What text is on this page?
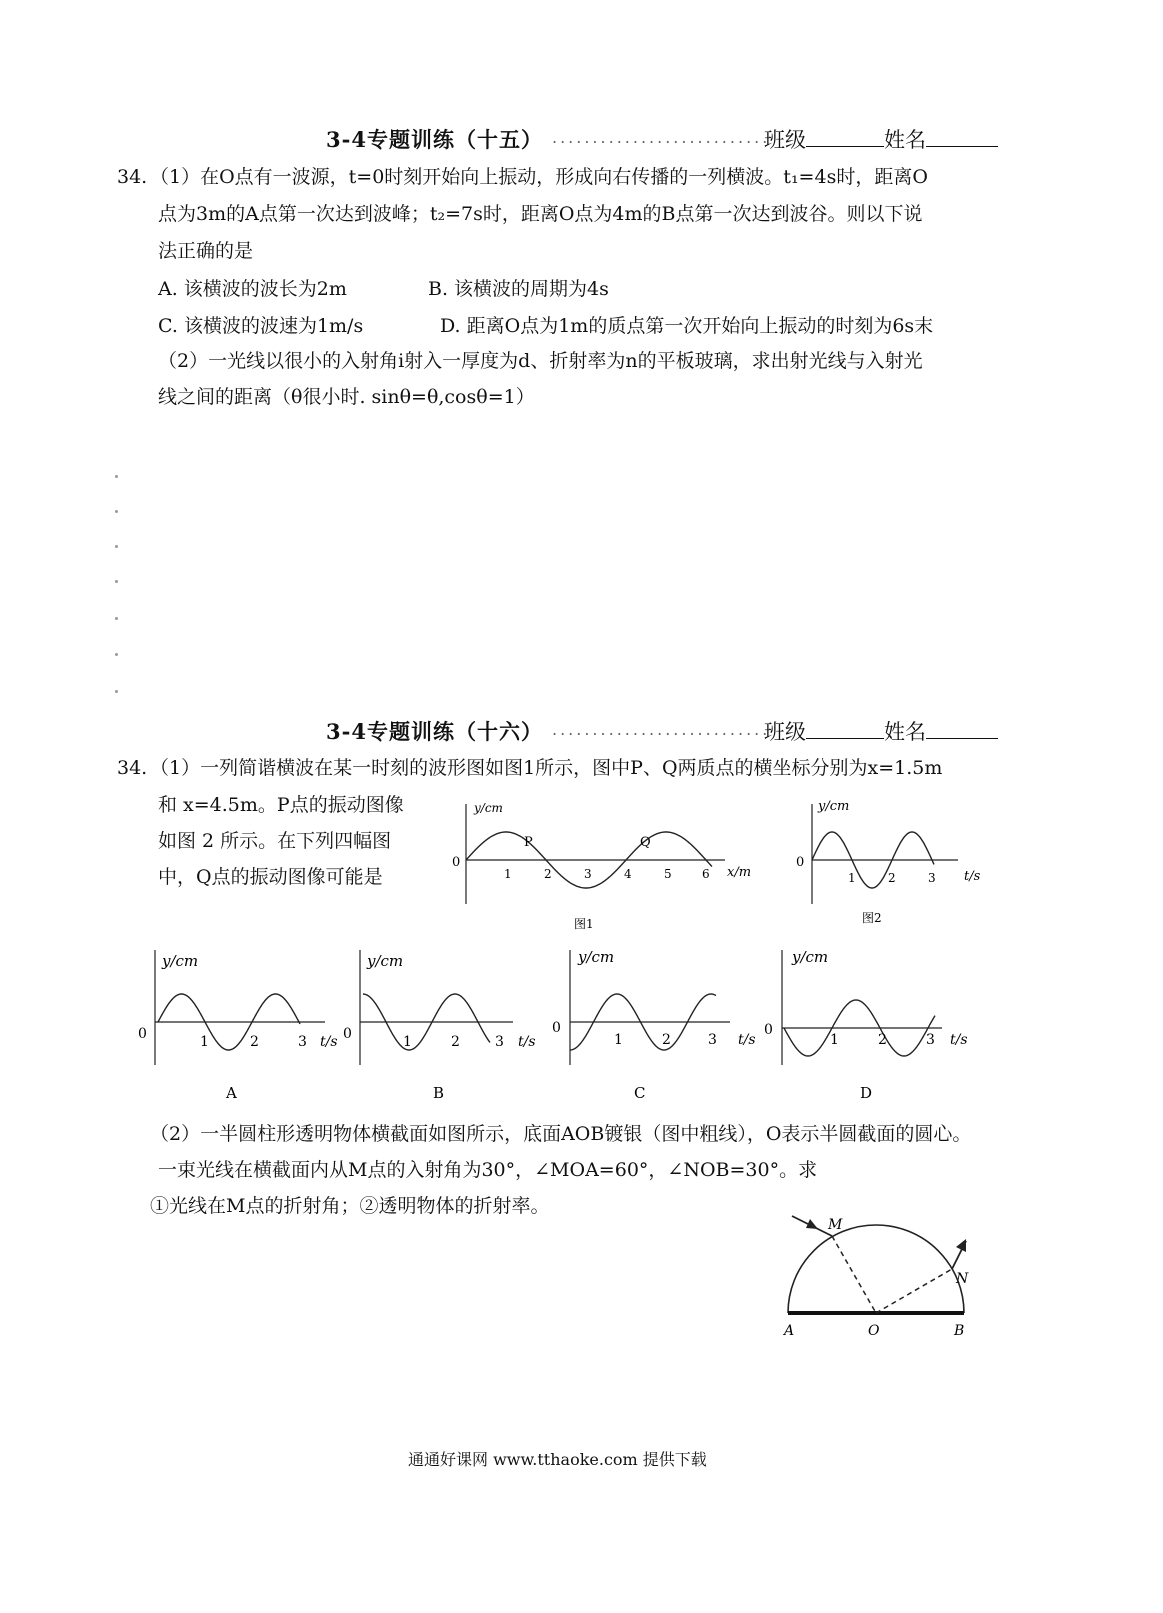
3-4专题训练（十五） ...........................
班级	姓名
34. （1）在O点有一波源，t=0时刻开始向上振动，形成向右传播的一列横波。t₁=4s时，距离O
点为3m的A点第一次达到波峰；t₂=7s时，距离O点为4m的B点第一次达到波谷。则以下说
法正确的是
A. 该横波的波长为2m	B. 该横波的周期为4s
C. 该横波的波速为1m/s	D. 距离O点为1m的质点第一次开始向上振动的时刻为6s末
（2）一光线以很小的入射角i射入一厚度为d、折射率为n的平板玻璃，求出射光线与入射光
线之间的距离（θ很小时. sinθ=θ,cosθ=1）
3-4专题训练（十六） ...........................
班级	姓名
34. （1）一列简谐横波在某一时刻的波形图如图1所示，图中P、Q两质点的横坐标分别为x=1.5m
和 x=4.5m。P点的振动图像
如图 2 所示。在下列四幅图
中，Q点的振动图像可能是
y/cm
0
x/m
1	2	3	4	5	6
P	Q
图1
y/cm
0
t/s
1	2	3
图2
y/cm
0	3
1	2	t/s
A
y/cm
0	1	2	3 t/s
B
y/cm
0
1	2	3 t/s
C
y/cm
0
1	2	3 t/s
D
（2）一半圆柱形透明物体横截面如图所示，底面AOB镀银（图中粗线），O表示半圆截面的圆心。
一束光线在横截面内从M点的入射角为30°，∠MOA=60°，∠NOB=30°。求
①光线在M点的折射角；②透明物体的折射率。
M
N
A	O	B
通通好课网 www.tthaoke.com 提供下载
